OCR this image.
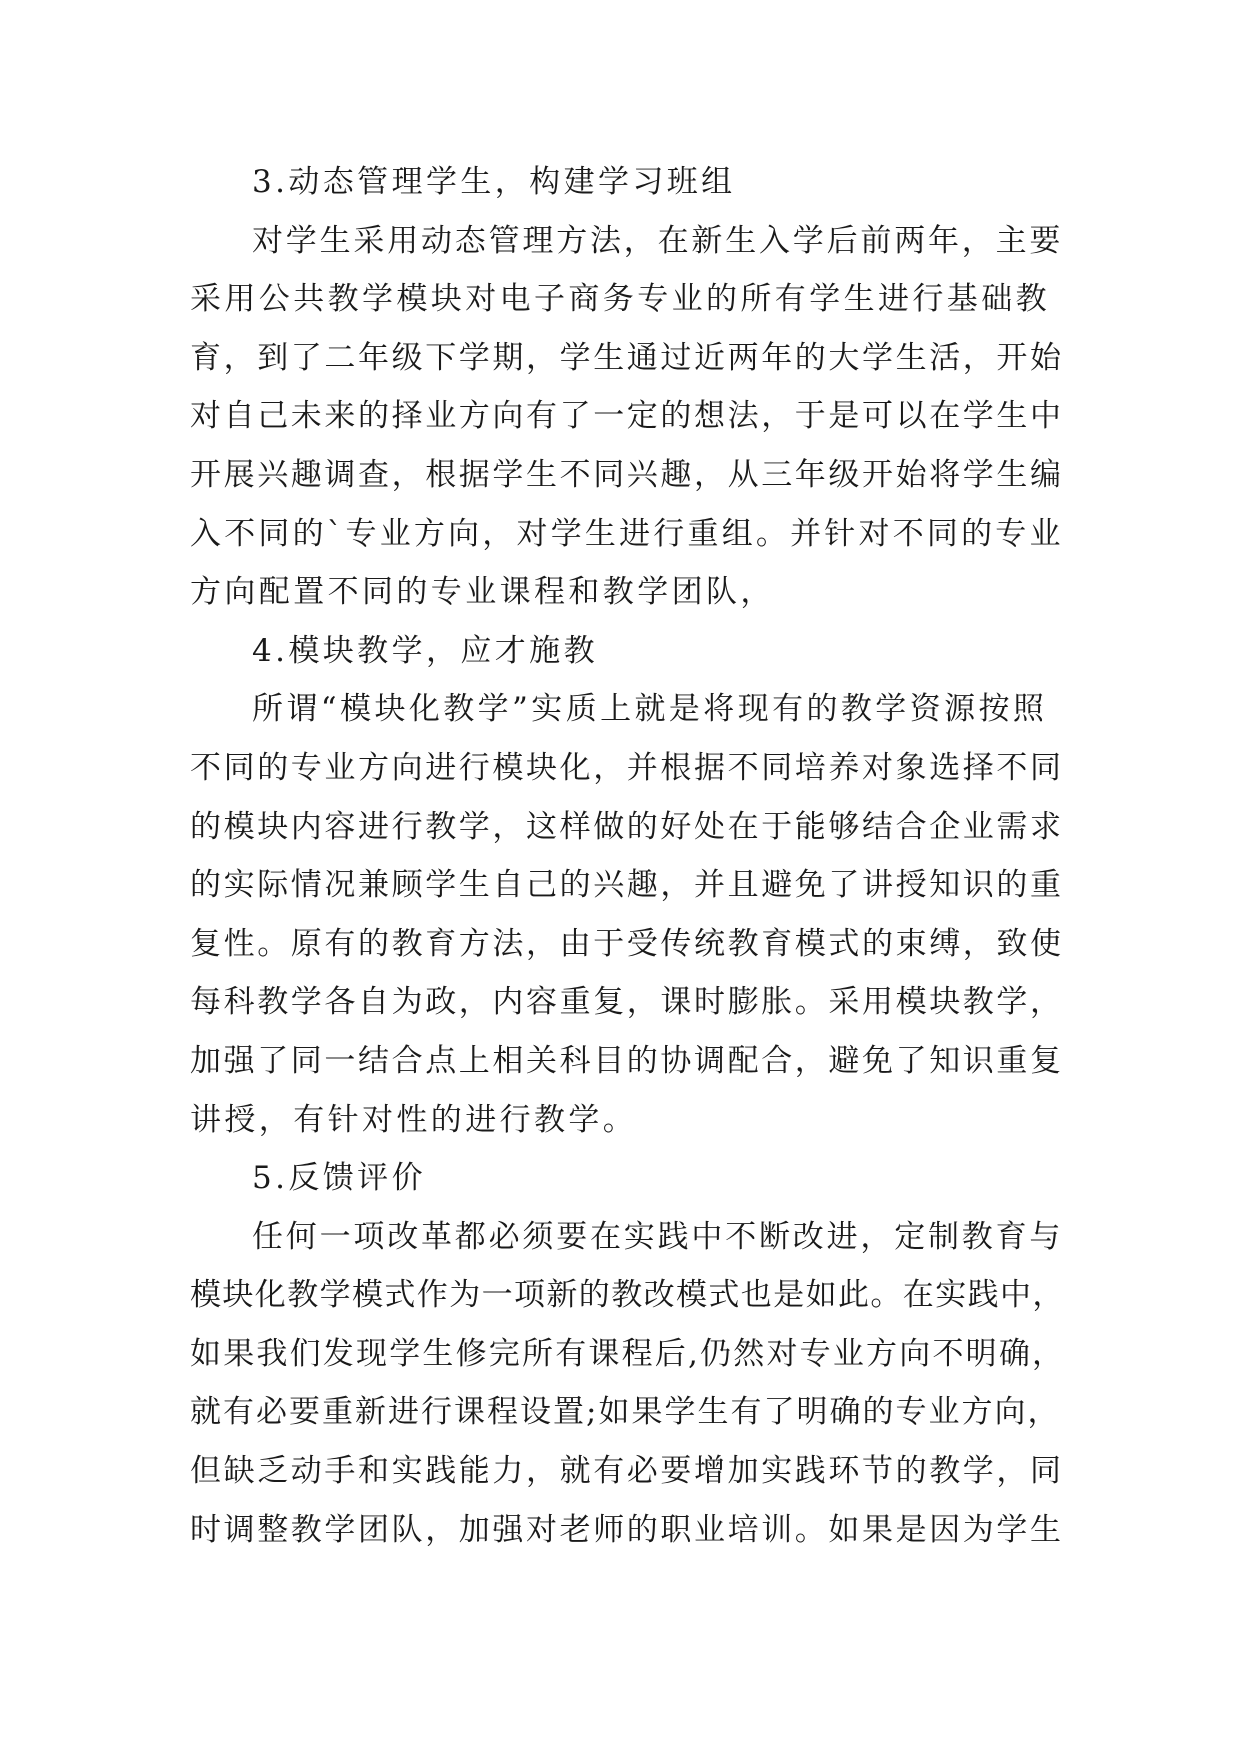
3.动态管理学生，构建学习班组
对学生采用动态管理方法，在新生入学后前两年，主要
采用公共教学模块对电子商务专业的所有学生进行基础教
育，到了二年级下学期，学生通过近两年的大学生活，开始
对自己未来的择业方向有了一定的想法，于是可以在学生中
开展兴趣调查，根据学生不同兴趣，从三年级开始将学生编
入不同的`专业方向，对学生进行重组。并针对不同的专业
方向配置不同的专业课程和教学团队，
4.模块教学，应才施教
所谓“模块化教学”实质上就是将现有的教学资源按照
不同的专业方向进行模块化，并根据不同培养对象选择不同
的模块内容进行教学，这样做的好处在于能够结合企业需求
的实际情况兼顾学生自己的兴趣，并且避免了讲授知识的重
复性。原有的教育方法，由于受传统教育模式的束缚，致使
每科教学各自为政，内容重复，课时膨胀。采用模块教学，
加强了同一结合点上相关科目的协调配合，避免了知识重复
讲授，有针对性的进行教学。
5.反馈评价
任何一项改革都必须要在实践中不断改进，定制教育与
模块化教学模式作为一项新的教改模式也是如此。在实践中，
如果我们发现学生修完所有课程后,仍然对专业方向不明确，
就有必要重新进行课程设置;如果学生有了明确的专业方向，
但缺乏动手和实践能力，就有必要增加实践环节的教学，同
时调整教学团队，加强对老师的职业培训。如果是因为学生
